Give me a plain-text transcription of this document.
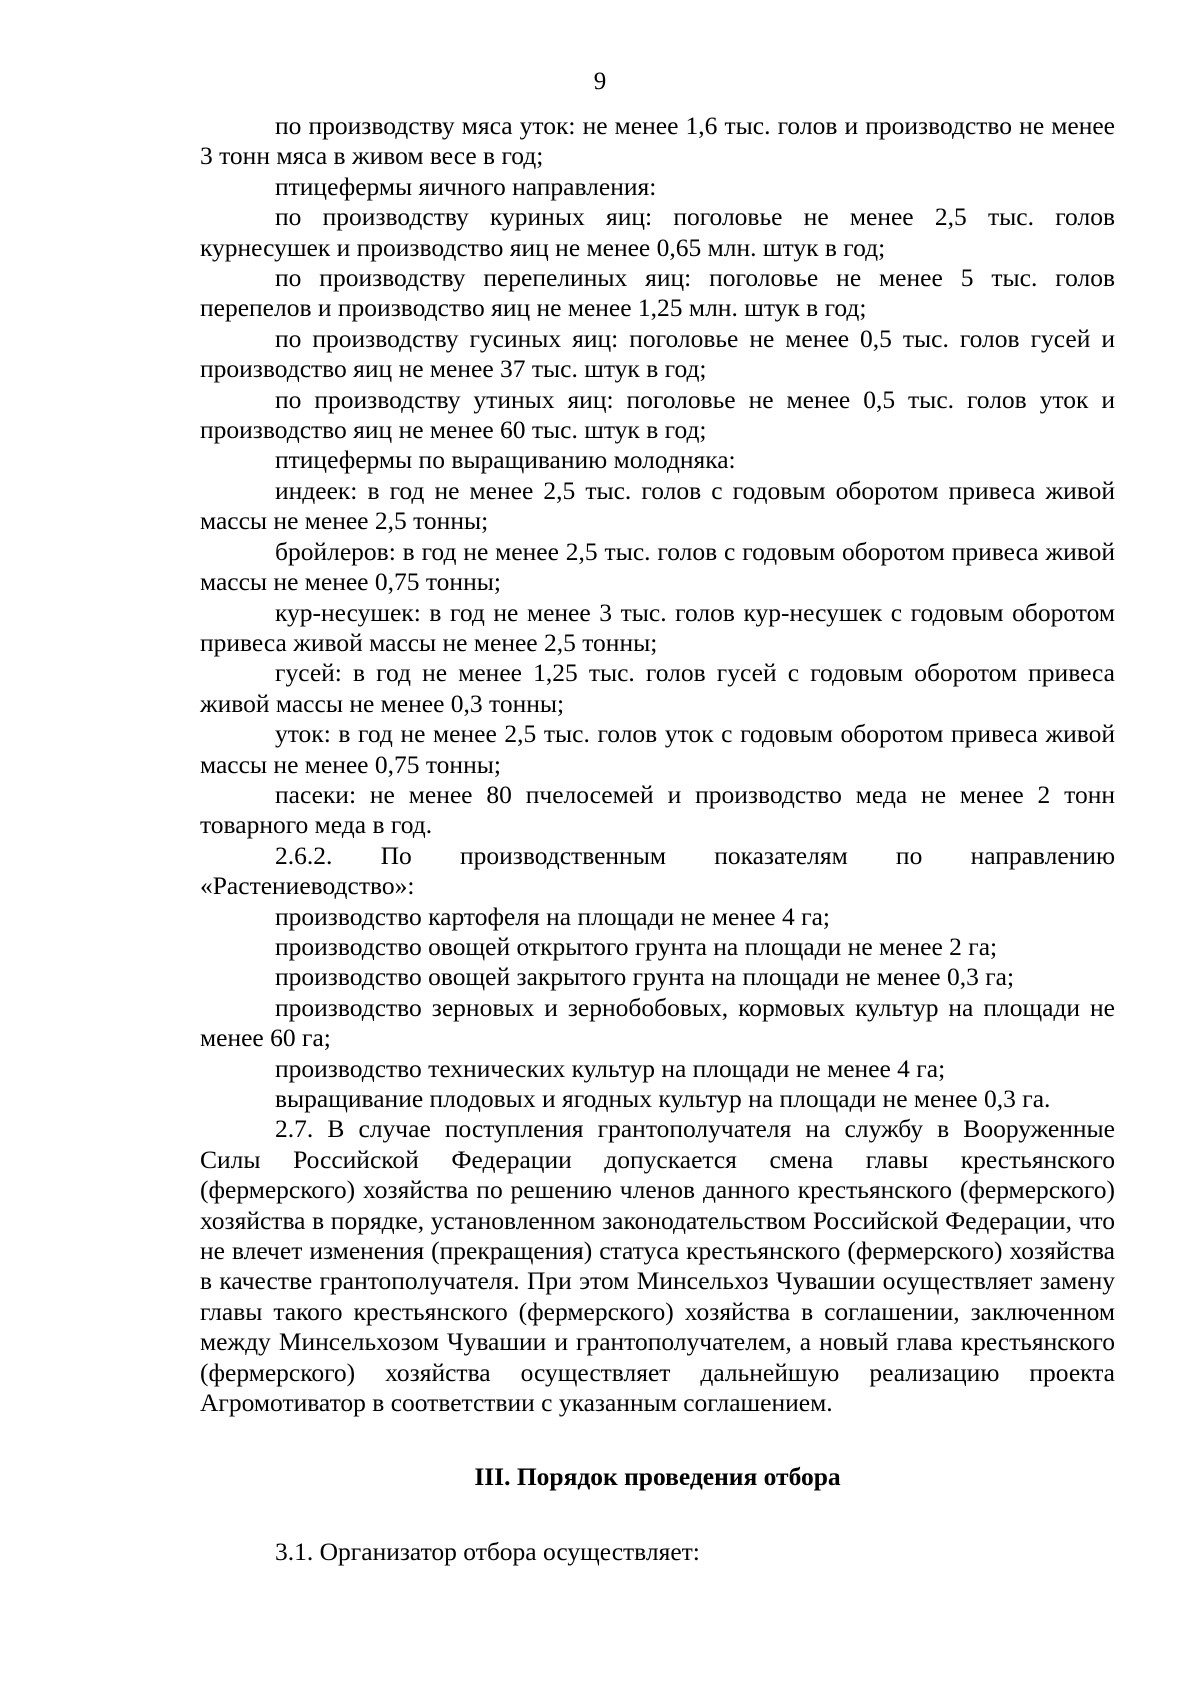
9

по производству мяса уток: не менее 1,6 тыс. голов и производство не менее 3 тонн мяса в живом весе в год;

птицефермы яичного направления:

по производству куриных яиц: поголовье не менее 2,5 тыс. голов курнесушек и производство яиц не менее 0,65 млн. штук в год;

по производству перепелиных яиц: поголовье не менее 5 тыс. голов перепелов и производство яиц не менее 1,25 млн. штук в год;

по производству гусиных яиц: поголовье не менее 0,5 тыс. голов гусей и производство яиц не менее 37 тыс. штук в год;

по производству утиных яиц: поголовье не менее 0,5 тыс. голов уток и производство яиц не менее 60 тыс. штук в год;

птицефермы по выращиванию молодняка:

индеек: в год не менее 2,5 тыс. голов с годовым оборотом привеса живой массы не менее 2,5 тонны;

бройлеров: в год не менее 2,5 тыс. голов с годовым оборотом привеса живой массы не менее 0,75 тонны;

кур-несушек: в год не менее 3 тыс. голов кур-несушек с годовым оборотом привеса живой массы не менее 2,5 тонны;

гусей: в год не менее 1,25 тыс. голов гусей с годовым оборотом привеса живой массы не менее 0,3 тонны;

уток: в год не менее 2,5 тыс. голов уток с годовым оборотом привеса живой массы не менее 0,75 тонны;

пасеки: не менее 80 пчелосемей и производство меда не менее 2 тонн товарного меда в год.

2.6.2. По производственным показателям по направлению «Растениеводство»:

производство картофеля на площади не менее 4 га;

производство овощей открытого грунта на площади не менее 2 га;

производство овощей закрытого грунта на площади не менее 0,3 га;

производство зерновых и зернобобовых, кормовых культур на площади не менее 60 га;

производство технических культур на площади не менее 4 га;

выращивание плодовых и ягодных культур на площади не менее 0,3 га.

2.7. В случае поступления грантополучателя на службу в Вооруженные Силы Российской Федерации допускается смена главы крестьянского (фермерского) хозяйства по решению членов данного крестьянского (фермерского) хозяйства в порядке, установленном законодательством Российской Федерации, что не влечет изменения (прекращения) статуса крестьянского (фермерского) хозяйства в качестве грантополучателя. При этом Минсельхоз Чувашии осуществляет замену главы такого крестьянского (фермерского) хозяйства в соглашении, заключенном между Минсельхозом Чувашии и грантополучателем, а новый глава крестьянского (фермерского) хозяйства осуществляет дальнейшую реализацию проекта Агромотиватор в соответствии с указанным соглашением.

III. Порядок проведения отбора

3.1. Организатор отбора осуществляет:
